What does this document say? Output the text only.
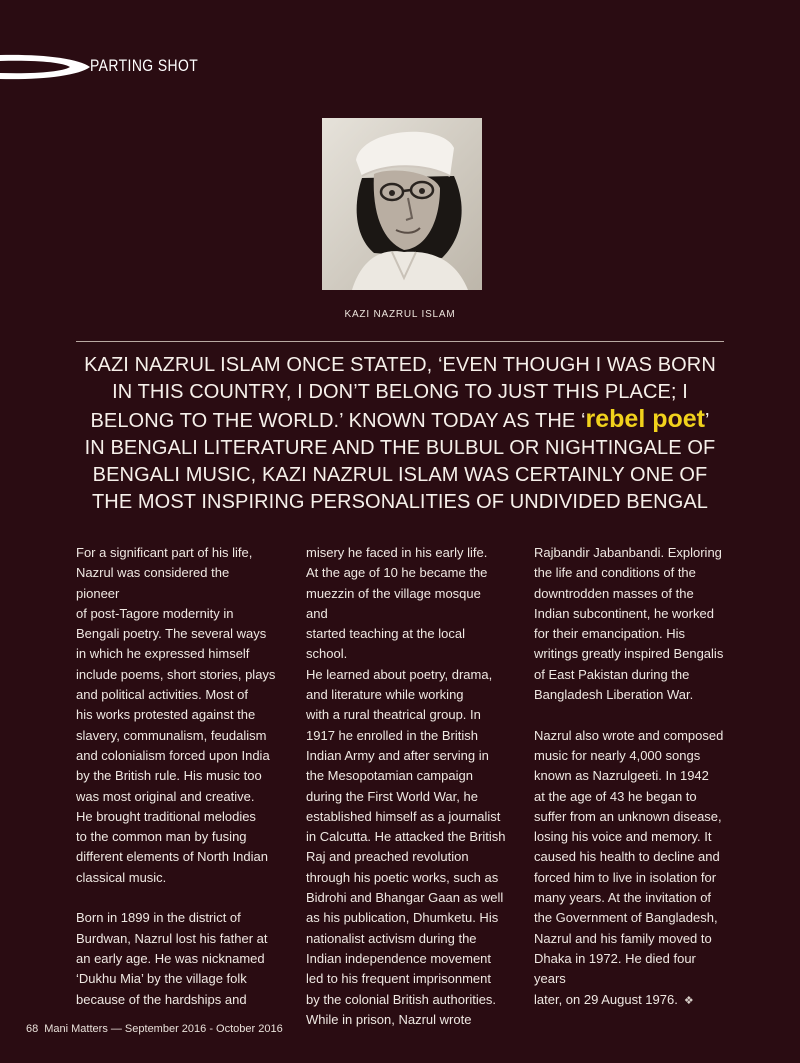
PARTING SHOT
KAZI NAZRUL ISLAM
KAZI NAZRUL ISLAM ONCE STATED, ‘EVEN THOUGH I WAS BORN IN THIS COUNTRY, I DON’T BELONG TO JUST THIS PLACE; I BELONG TO THE WORLD.’ KNOWN TODAY AS THE ‘rebel poet’ IN BENGALI LITERATURE AND THE BULBUL OR NIGHTINGALE OF BENGALI MUSIC, KAZI NAZRUL ISLAM WAS CERTAINLY ONE OF THE MOST INSPIRING PERSONALITIES OF UNDIVIDED BENGAL

For a significant part of his life,
Nazrul was considered the pioneer
of post-Tagore modernity in
Bengali poetry. The several ways
in which he expressed himself
include poems, short stories, plays
and political activities. Most of
his works protested against the
slavery, communalism, feudalism
and colonialism forced upon India
by the British rule. His music too
was most original and creative.
He brought traditional melodies
to the common man by fusing
different elements of North Indian
classical music.

Born in 1899 in the district of
Burdwan, Nazrul lost his father at
an early age. He was nicknamed
‘Dukhu Mia’ by the village folk
because of the hardships and

misery he faced in his early life.
At the age of 10 he became the
muezzin of the village mosque and
started teaching at the local school.
He learned about poetry, drama,
and literature while working
with a rural theatrical group. In
1917 he enrolled in the British
Indian Army and after serving in
the Mesopotamian campaign
during the First World War, he
established himself as a journalist
in Calcutta. He attacked the British
Raj and preached revolution
through his poetic works, such as
Bidrohi and Bhangar Gaan as well
as his publication, Dhumketu. His
nationalist activism during the
Indian independence movement
led to his frequent imprisonment
by the colonial British authorities.
While in prison, Nazrul wrote

Rajbandir Jabanbandi. Exploring
the life and conditions of the
downtrodden masses of the
Indian subcontinent, he worked
for their emancipation. His
writings greatly inspired Bengalis
of East Pakistan during the
Bangladesh Liberation War.

Nazrul also wrote and composed
music for nearly 4,000 songs
known as Nazrulgeeti. In 1942
at the age of 43 he began to
suffer from an unknown disease,
losing his voice and memory. It
caused his health to decline and
forced him to live in isolation for
many years. At the invitation of
the Government of Bangladesh,
Nazrul and his family moved to
Dhaka in 1972. He died four years
later, on 29 August 1976. ❖

68 Mani Matters — September 2016 - October 2016
